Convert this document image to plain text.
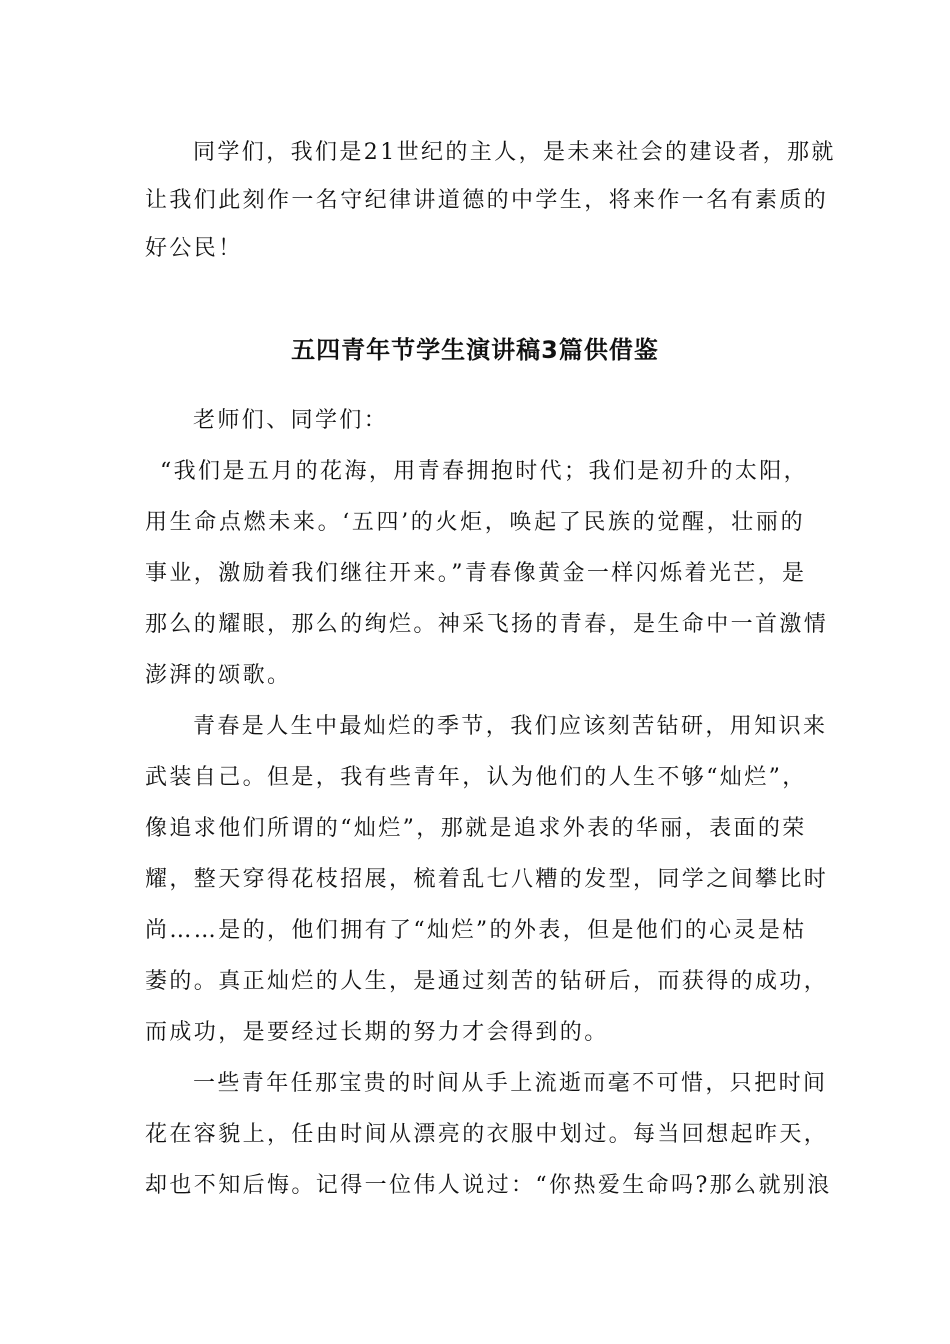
同学们，我们是21世纪的主人，是未来社会的建设者，那就
让我们此刻作一名守纪律讲道德的中学生，将来作一名有素质的
好公民！
五四青年节学生演讲稿3篇供借鉴
老师们、同学们：
“我们是五月的花海，用青春拥抱时代；我们是初升的太阳，
用生命点燃未来。‘五四’的火炬，唤起了民族的觉醒，壮丽的
事业，激励着我们继往开来。”青春像黄金一样闪烁着光芒，是
那么的耀眼，那么的绚烂。神采飞扬的青春，是生命中一首激情
澎湃的颂歌。
青春是人生中最灿烂的季节，我们应该刻苦钻研，用知识来
武装自己。但是，我有些青年，认为他们的人生不够“灿烂”，
像追求他们所谓的“灿烂”，那就是追求外表的华丽，表面的荣
耀，整天穿得花枝招展，梳着乱七八糟的发型，同学之间攀比时
尚……是的，他们拥有了“灿烂”的外表，但是他们的心灵是枯
萎的。真正灿烂的人生，是通过刻苦的钻研后，而获得的成功，
而成功，是要经过长期的努力才会得到的。
一些青年任那宝贵的时间从手上流逝而毫不可惜，只把时间
花在容貌上，任由时间从漂亮的衣服中划过。每当回想起昨天，
却也不知后悔。记得一位伟人说过：“你热爱生命吗?那么就别浪
